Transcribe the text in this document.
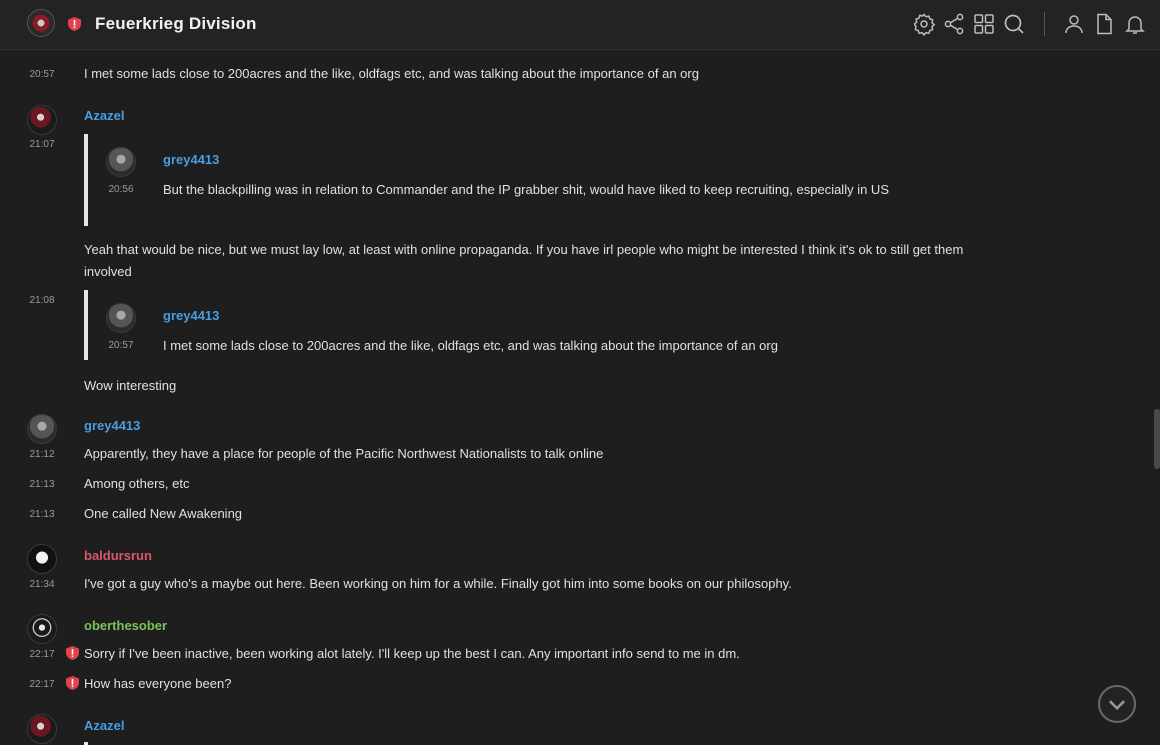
Feuerkrieg Division
20:57 I met some lads close to 200acres and the like, oldfags etc, and was talking about the importance of an org
Azazel
21:07
grey4413
20:56 But the blackpilling was in relation to Commander and the IP grabber shit, would have liked to keep recruiting, especially in US
Yeah that would be nice, but we must lay low, at least with online propaganda. If you have irl people who might be interested I think it's ok to still get them involved
21:08
grey4413
20:57 I met some lads close to 200acres and the like, oldfags etc, and was talking about the importance of an org
Wow interesting
grey4413
21:12 Apparently, they have a place for people of the Pacific Northwest Nationalists to talk online
21:13 Among others, etc
21:13 One called New Awakening
baldursrun
21:34 I've got a guy who's a maybe out here. Been working on him for a while. Finally got him into some books on our philosophy.
oberthesober
22:17 Sorry if I've been inactive, been working alot lately. I'll keep up the best I can. Any important info send to me in dm.
22:17 How has everyone been?
Azazel
